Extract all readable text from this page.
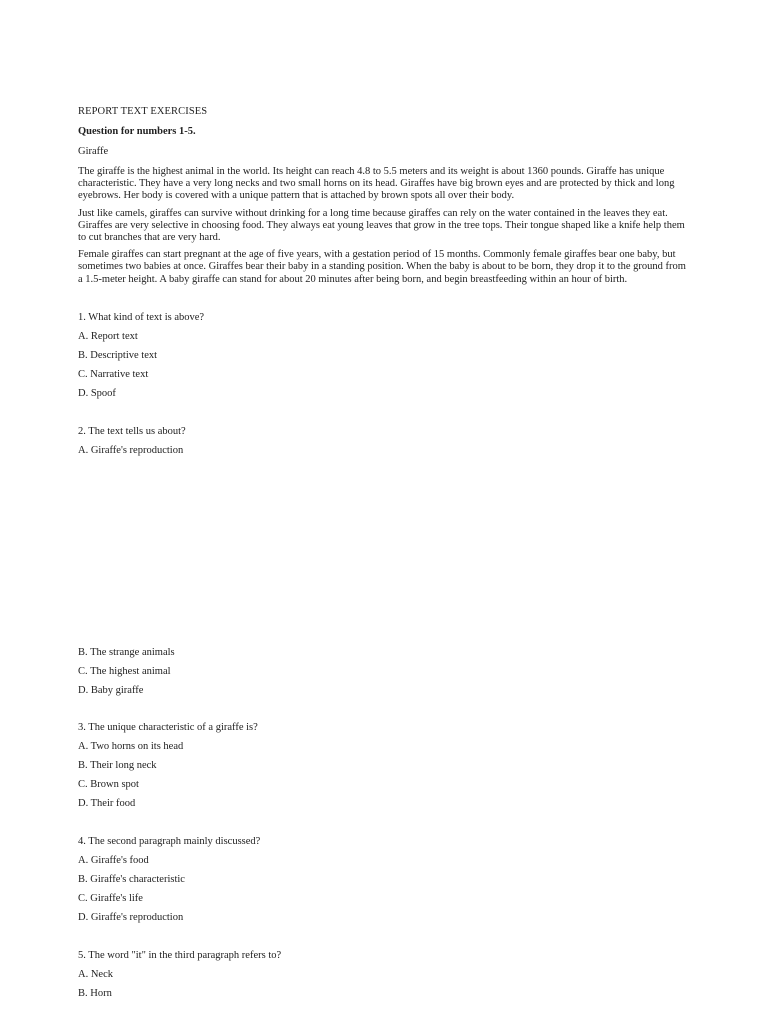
REPORT TEXT EXERCISES

Question for numbers 1-5.

Giraffe

The giraffe is the highest animal in the world. Its height can reach 4.8 to 5.5 meters and its weight is about 1360 pounds. Giraffe has unique characteristic. They have a very long necks and two small horns on its head. Giraffes have big brown eyes and are protected by thick and long eyebrows. Her body is covered with a unique pattern that is attached by brown spots all over their body.

Just like camels, giraffes can survive without drinking for a long time because giraffes can rely on the water contained in the leaves they eat. Giraffes are very selective in choosing food. They always eat young leaves that grow in the tree tops. Their tongue shaped like a knife help them to cut branches that are very hard.

Female giraffes can start pregnant at the age of five years, with a gestation period of 15 months. Commonly female giraffes bear one baby, but sometimes two babies at once. Giraffes bear their baby in a standing position. When the baby is about to be born, they drop it to the ground from a 1.5-meter height. A baby giraffe can stand for about 20 minutes after being born, and begin breastfeeding within an hour of birth.

1. What kind of text is above?

A. Report text

B. Descriptive text

C. Narrative text

D. Spoof

2. The text tells us about?

A. Giraffe's reproduction

B. The strange animals

C. The highest animal

D. Baby giraffe

3. The unique characteristic of a giraffe is?

A. Two horns on its head

B. Their long neck

C. Brown spot

D. Their food

4. The second paragraph mainly discussed?

A. Giraffe's food

B. Giraffe's characteristic

C. Giraffe's life

D. Giraffe's reproduction

5. The word "it" in the third paragraph refers to?

A. Neck

B. Horn
